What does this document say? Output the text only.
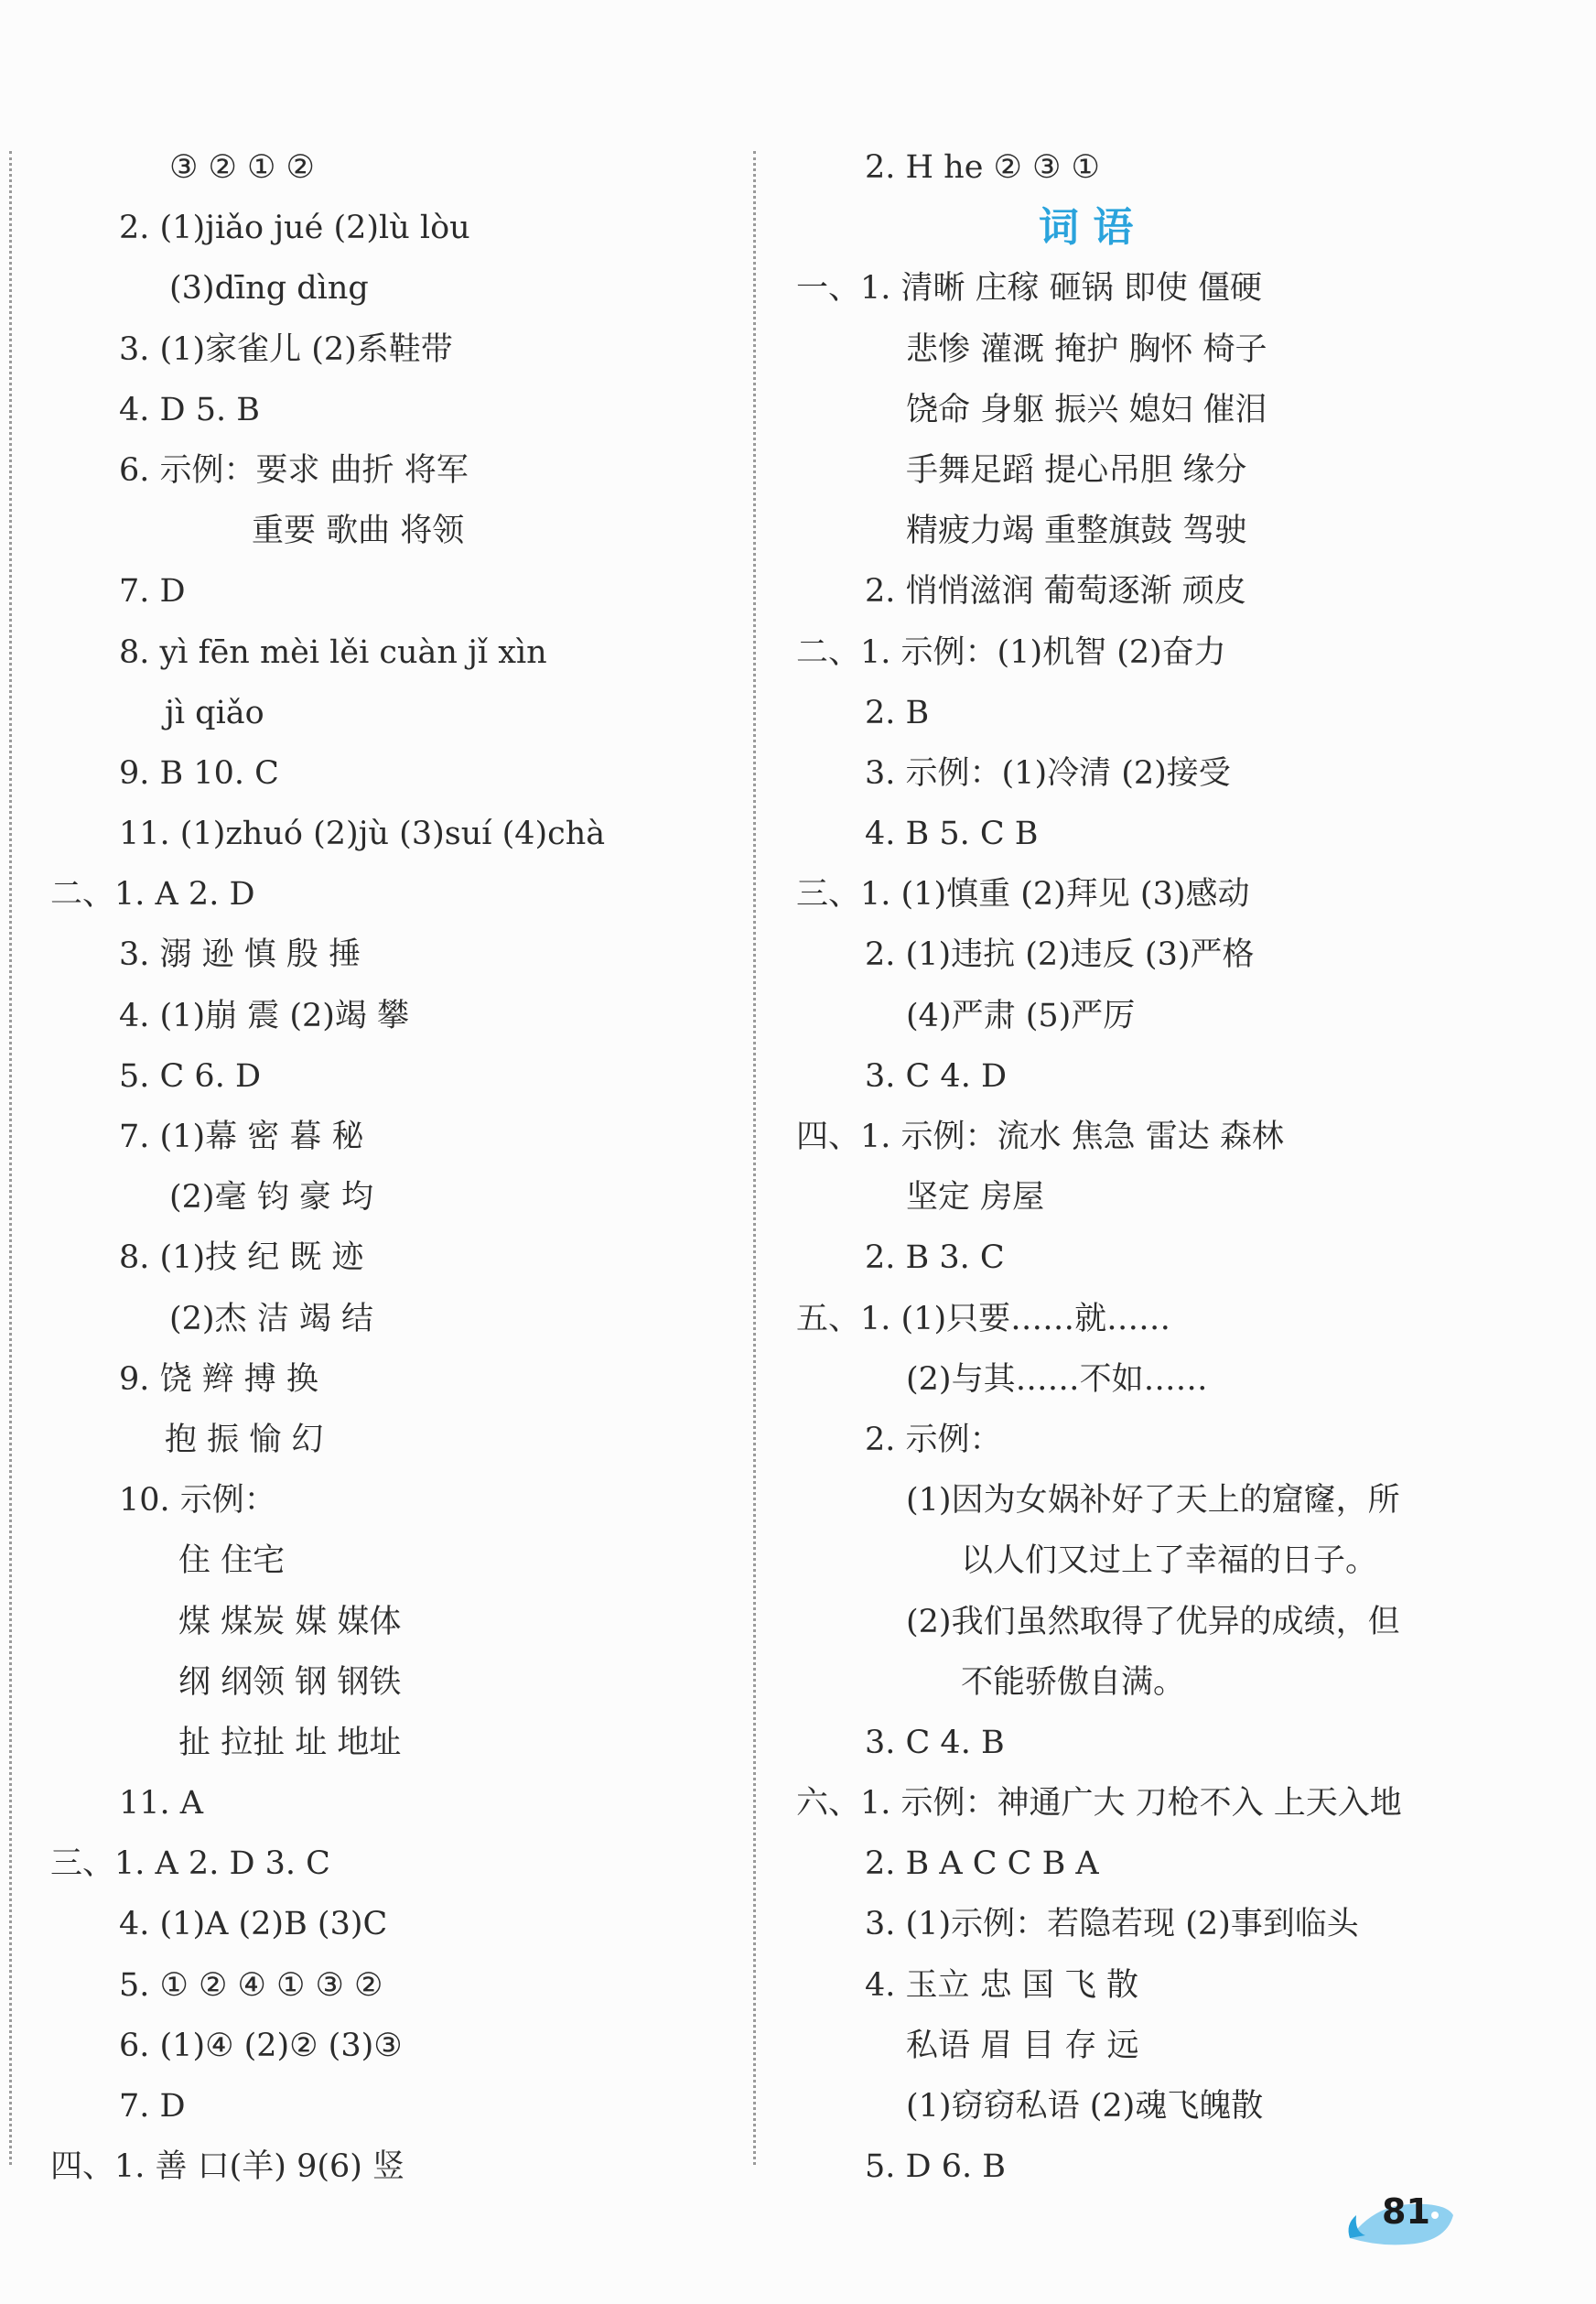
③ ② ① ②
2. (1)jiǎo jué (2)lù lòu
(3)dīng dìng
3. (1)家雀儿 (2)系鞋带
4. D 5. B
6. 示例：要求 曲折 将军
重要 歌曲 将领
7. D
8. yì fēn mèi lěi cuàn jǐ xìn
jì qiǎo
9. B 10. C
11. (1)zhuó (2)jù (3)suí (4)chà
二、1. A 2. D
3. 溺 逊 慎 殷 捶
4. (1)崩 震 (2)竭 攀
5. C 6. D
7. (1)幕 密 暮 秘
(2)毫 钧 豪 均
8. (1)技 纪 既 迹
(2)杰 洁 竭 结
9. 饶 辫 搏 换
抱 振 愉 幻
10. 示例：
住 住宅
煤 煤炭 媒 媒体
纲 纲领 钢 钢铁
扯 拉扯 址 地址
11. A
三、1. A 2. D 3. C
4. (1)A (2)B (3)C
5. ① ② ④ ① ③ ②
6. (1)④ (2)② (3)③
7. D
四、1. 善 口(羊) 9(6) 竖
2. H he ② ③ ①
一、1. 清晰 庄稼 砸锅 即使 僵硬
悲惨 灌溉 掩护 胸怀 椅子
饶命 身躯 振兴 媳妇 催泪
手舞足蹈 提心吊胆 缘分
精疲力竭 重整旗鼓 驾驶
2. 悄悄滋润 葡萄逐渐 顽皮
二、1. 示例：(1)机智 (2)奋力
2. B
3. 示例：(1)冷清 (2)接受
4. B 5. C B
三、1. (1)慎重 (2)拜见 (3)感动
2. (1)违抗 (2)违反 (3)严格
(4)严肃 (5)严厉
3. C 4. D
四、1. 示例：流水 焦急 雷达 森林
坚定 房屋
2. B 3. C
五、1. (1)只要……就……
(2)与其……不如……
2. 示例：
(1)因为女娲补好了天上的窟窿，所
以人们又过上了幸福的日子。
(2)我们虽然取得了优异的成绩，但
不能骄傲自满。
3. C 4. B
六、1. 示例：神通广大 刀枪不入 上天入地
2. B A C C B A
3. (1)示例：若隐若现 (2)事到临头
4. 玉立 忠 国 飞 散
私语 眉 目 存 远
(1)窃窃私语 (2)魂飞魄散
5. D 6. B
词 语
81
